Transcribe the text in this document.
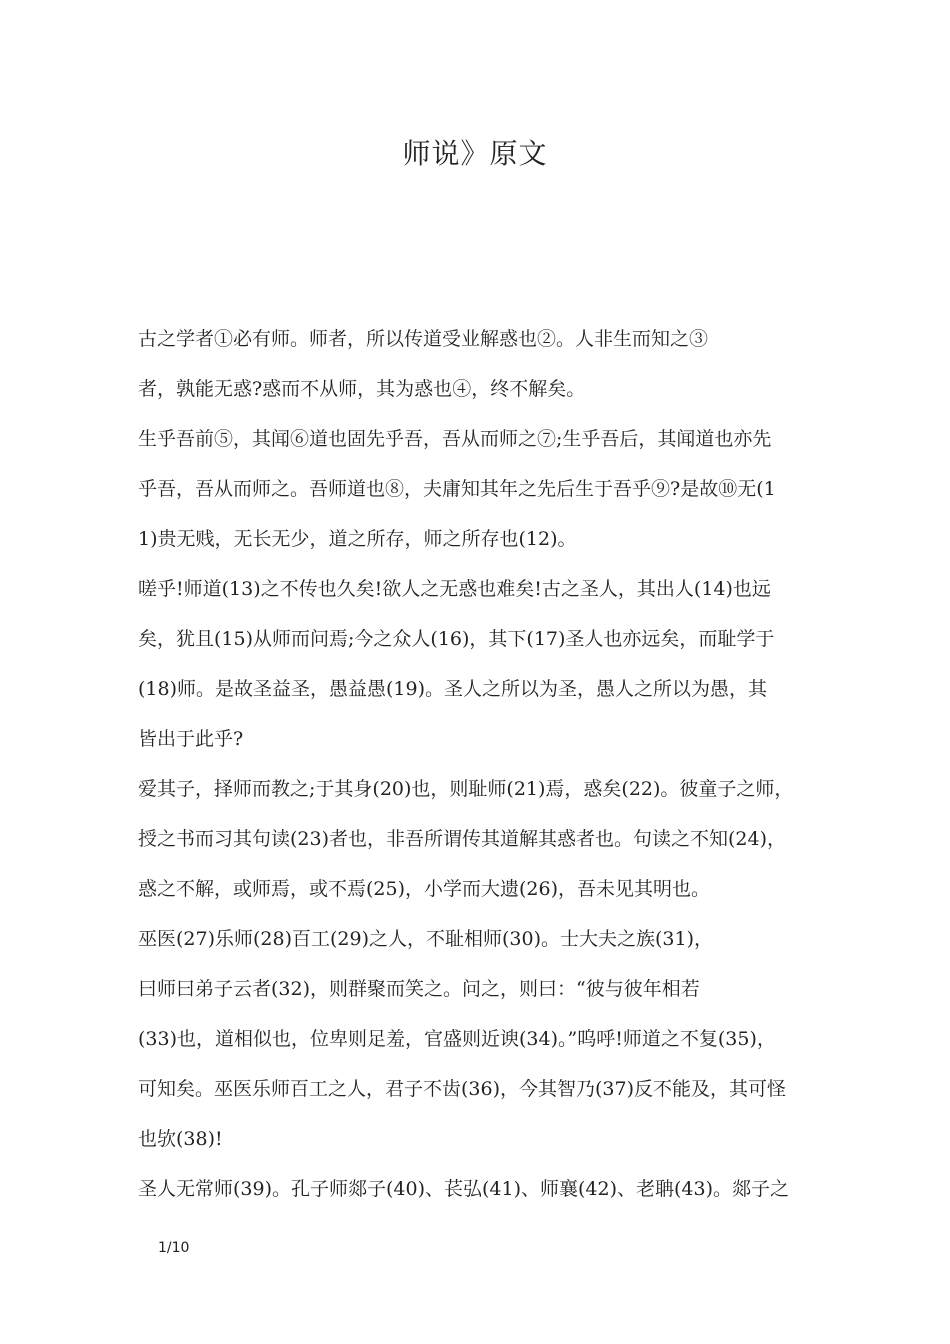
师说》原文
古之学者①必有师。师者，所以传道受业解惑也②。人非生而知之③
者，孰能无惑?惑而不从师，其为惑也④，终不解矣。
生乎吾前⑤，其闻⑥道也固先乎吾，吾从而师之⑦;生乎吾后，其闻道也亦先
乎吾，吾从而师之。吾师道也⑧，夫庸知其年之先后生于吾乎⑨?是故⑩无(1
1)贵无贱，无长无少，道之所存，师之所存也(12)。
嗟乎!师道(13)之不传也久矣!欲人之无惑也难矣!古之圣人，其出人(14)也远
矣，犹且(15)从师而问焉;今之众人(16)，其下(17)圣人也亦远矣，而耻学于
(18)师。是故圣益圣，愚益愚(19)。圣人之所以为圣，愚人之所以为愚，其
皆出于此乎?
爱其子，择师而教之;于其身(20)也，则耻师(21)焉，惑矣(22)。彼童子之师，
授之书而习其句读(23)者也，非吾所谓传其道解其惑者也。句读之不知(24)，
惑之不解，或师焉，或不焉(25)，小学而大遗(26)，吾未见其明也。
巫医(27)乐师(28)百工(29)之人，不耻相师(30)。士大夫之族(31)，
曰师曰弟子云者(32)，则群聚而笑之。问之，则曰：“彼与彼年相若
(33)也，道相似也，位卑则足羞，官盛则近谀(34)。”呜呼!师道之不复(35)，
可知矣。巫医乐师百工之人，君子不齿(36)，今其智乃(37)反不能及，其可怪
也欤(38)!
圣人无常师(39)。孔子师郯子(40)、苌弘(41)、师襄(42)、老聃(43)。郯子之
1/10
